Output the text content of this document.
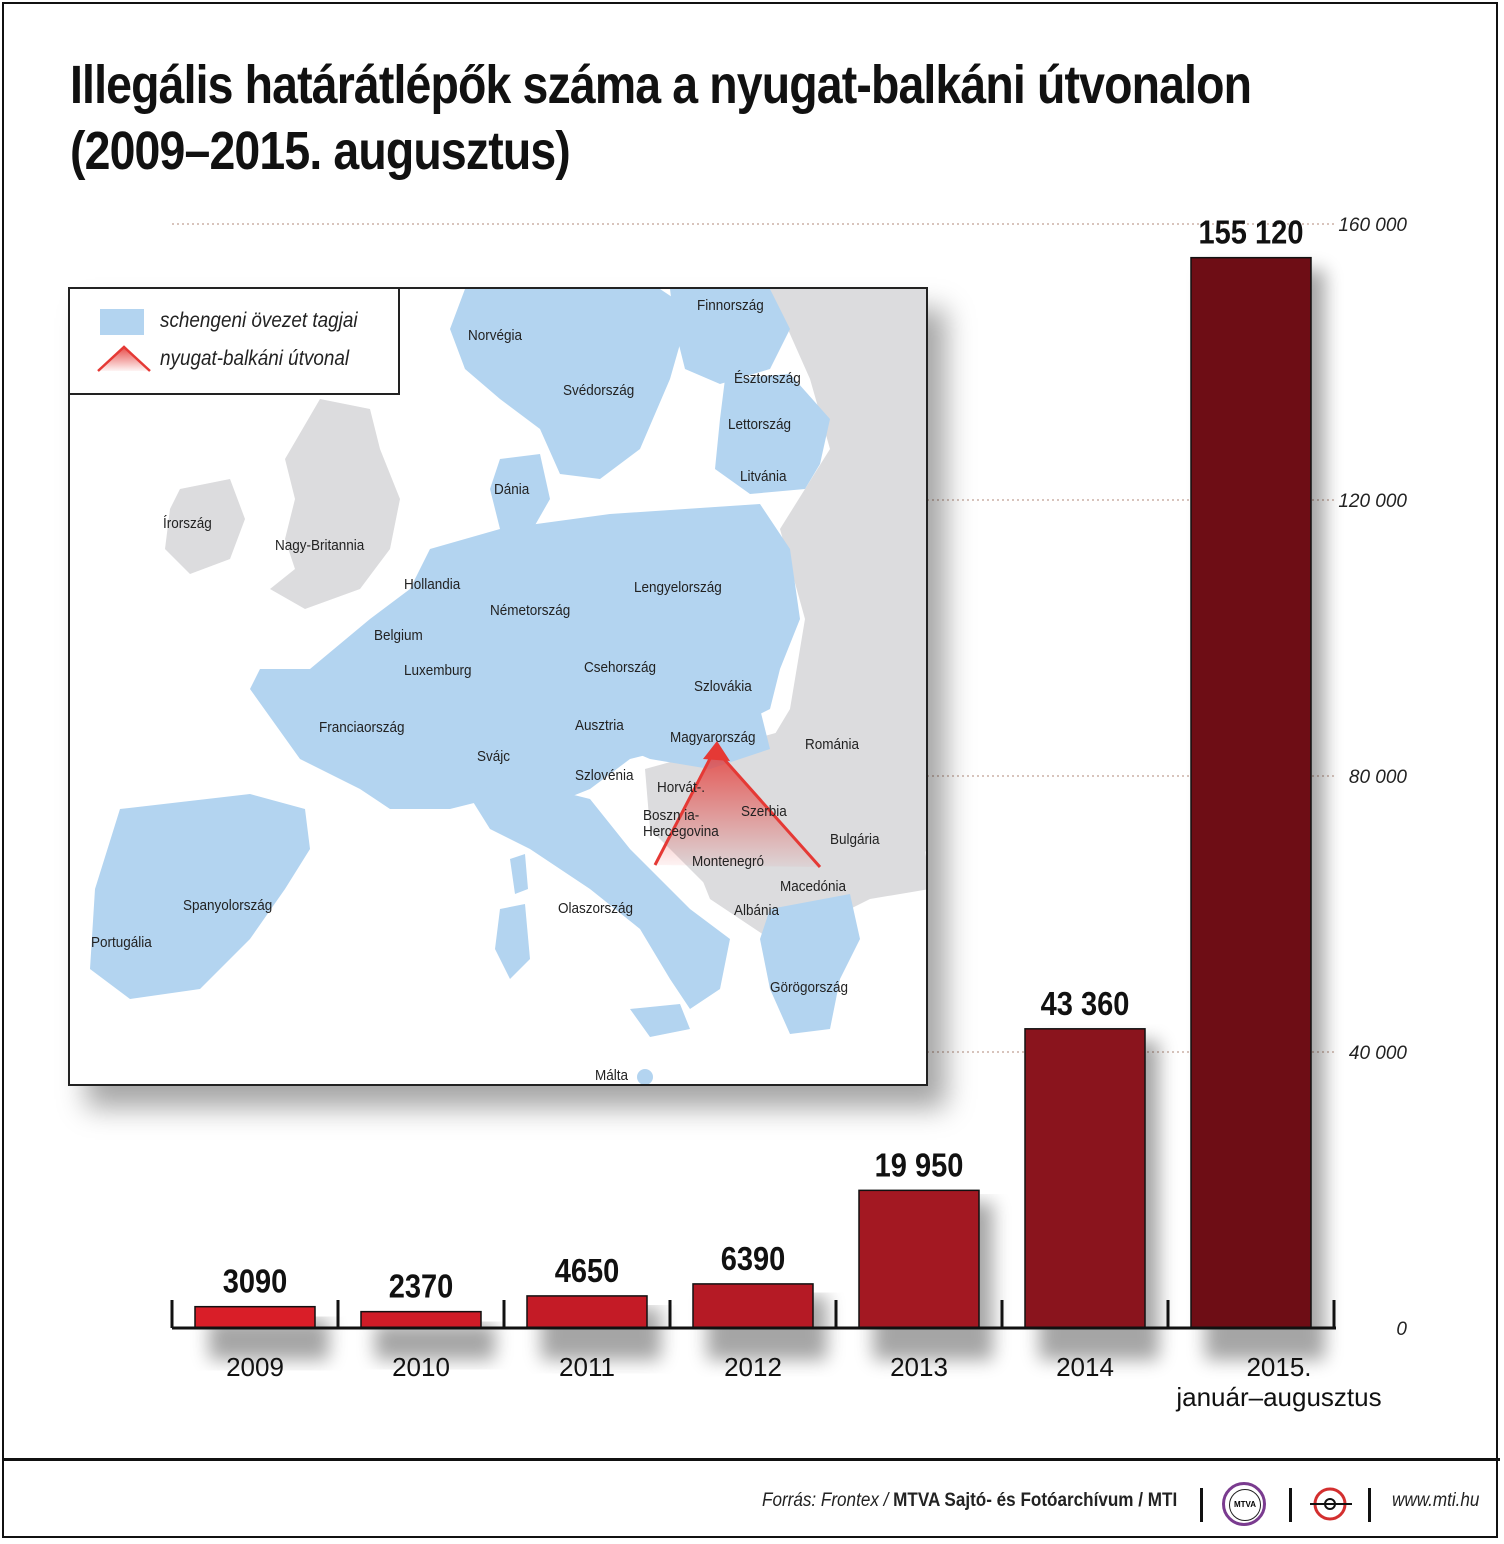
Illegális határátlépők száma a nyugat-balkáni útvonalon
(2009–2015. augusztus)
0
40 000
80 000
120 000
160 000
3090
2009
2370
2010
4650
2011
6390
2012
19 950
2013
43 360
2014
155 120
2015.
január–augusztus
Finnország
Norvégia
Svédország
Észtország
Lettország
Litvánia
Dánia
Írország
Nagy-Britannia
Hollandia
Németország
Lengyelország
Belgium
Luxemburg	Csehország
Szlovákia
Franciaország	Ausztria
Magyarország	Románia
Svájc
Szlovénia
Horvát-.
Boszn ia-
Hercegovina
Szerbia
Bulgária
Montenegró
Macedónia
Spanyolország	Olaszország	Albánia
Portugália
Görögország
Málta
schengeni övezet tagjai
nyugat-balkáni útvonal
Forrás: Frontex / MTVA Sajtó- és Fotóarchívum / MTI	MTVA	www.mti.hu
